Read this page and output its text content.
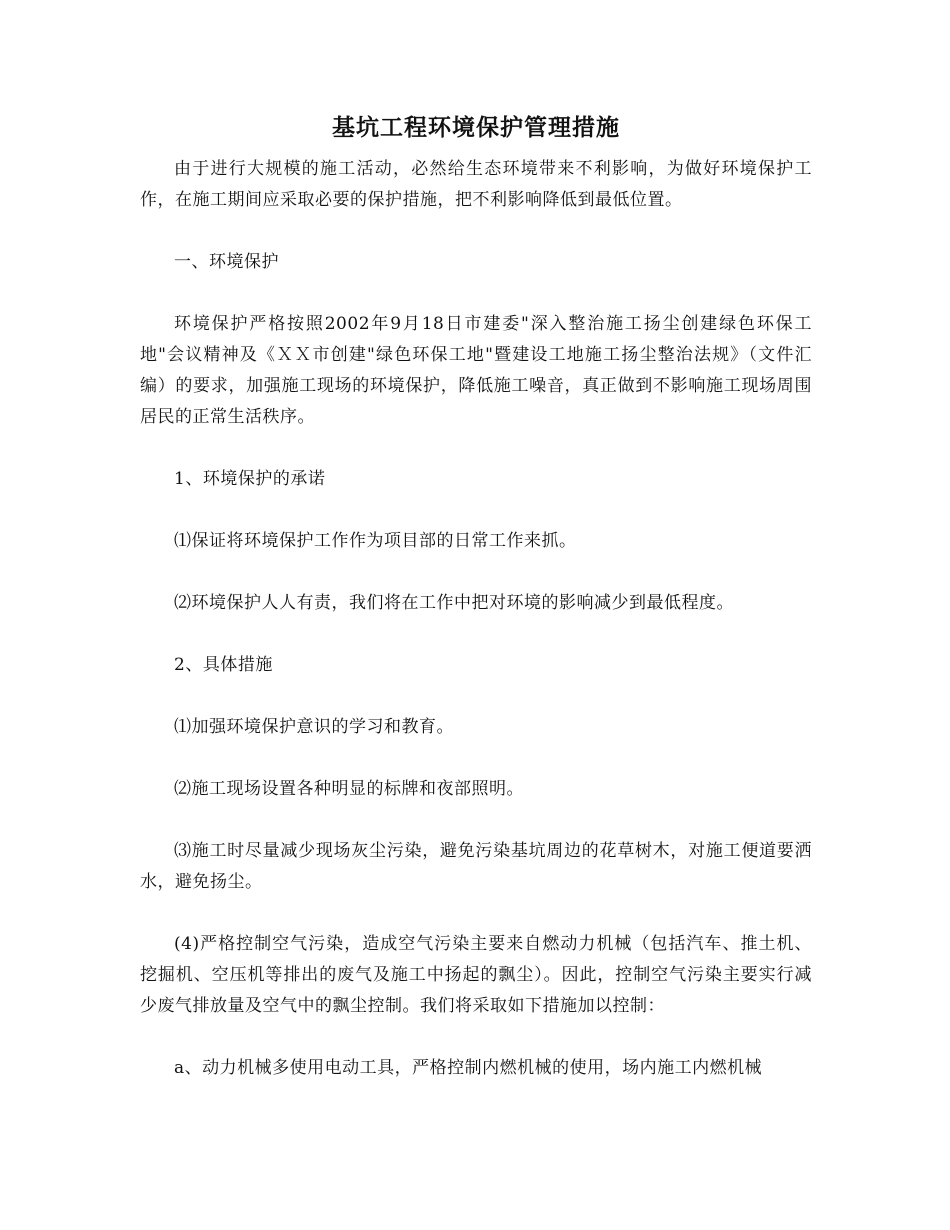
基坑工程环境保护管理措施

由于进行大规模的施工活动，必然给生态环境带来不利影响，为做好环境保护工作，在施工期间应采取必要的保护措施，把不利影响降低到最低位置。

一、环境保护

环境保护严格按照2002年9月18日市建委"深入整治施工扬尘创建绿色环保工地"会议精神及《ＸＸ市创建"绿色环保工地"暨建设工地施工扬尘整治法规》（文件汇编）的要求，加强施工现场的环境保护，降低施工噪音，真正做到不影响施工现场周围居民的正常生活秩序。

1、环境保护的承诺

⑴保证将环境保护工作作为项目部的日常工作来抓。

⑵环境保护人人有责，我们将在工作中把对环境的影响减少到最低程度。

2、具体措施

⑴加强环境保护意识的学习和教育。

⑵施工现场设置各种明显的标牌和夜部照明。

⑶施工时尽量减少现场灰尘污染，避免污染基坑周边的花草树木，对施工便道要洒水，避免扬尘。

(4)严格控制空气污染，造成空气污染主要来自燃动力机械（包括汽车、推土机、挖掘机、空压机等排出的废气及施工中扬起的飘尘）。因此，控制空气污染主要实行减少废气排放量及空气中的飘尘控制。我们将采取如下措施加以控制：

a、动力机械多使用电动工具，严格控制内燃机械的使用，场内施工内燃机械
